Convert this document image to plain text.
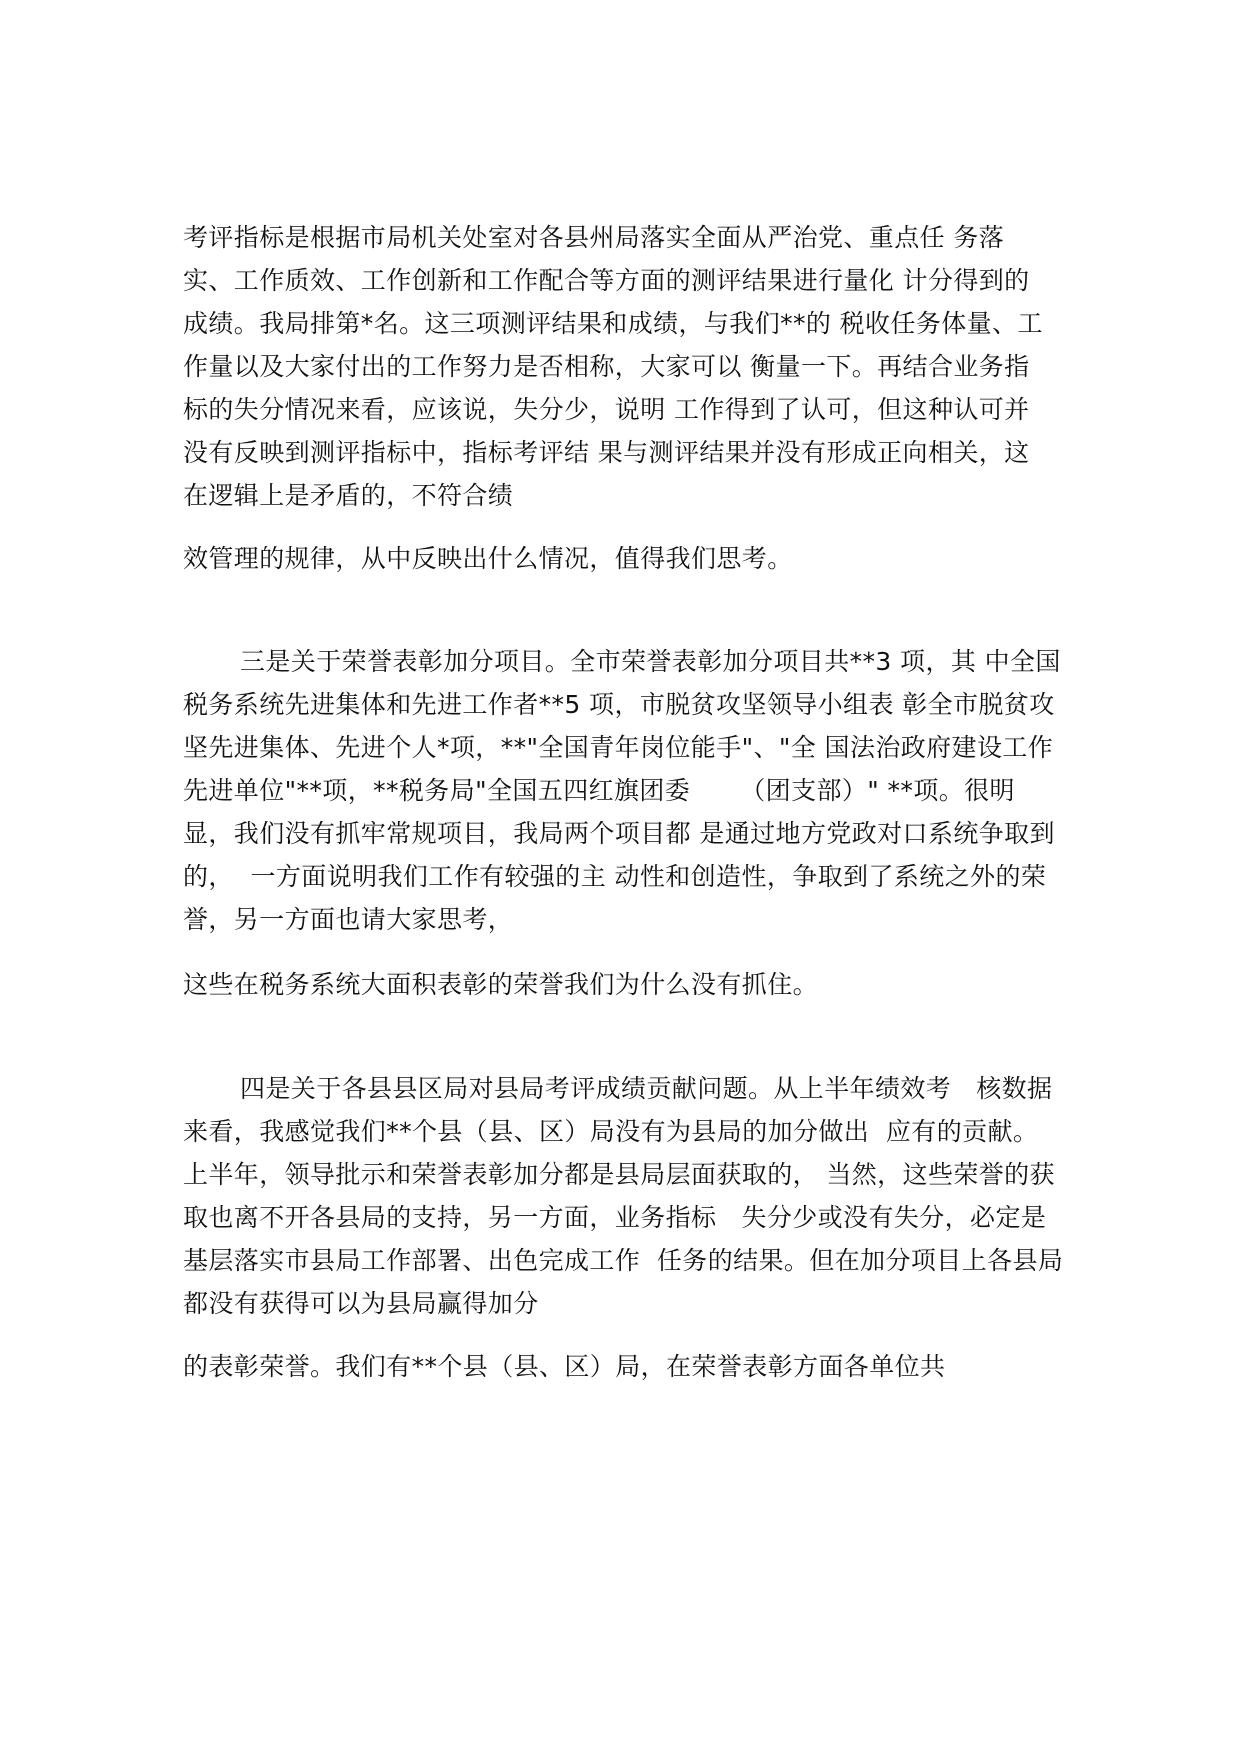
考评指标是根据市局机关处室对各县州局落实全面从严治党、重点任 务落

实、工作质效、工作创新和工作配合等方面的测评结果进行量化 计分得到的

成绩。我局排第*名。这三项测评结果和成绩，与我们**的 税收任务体量、工

作量以及大家付出的工作努力是否相称，大家可以 衡量一下。再结合业务指

标的失分情况来看，应该说，失分少，说明 工作得到了认可，但这种认可并

没有反映到测评指标中，指标考评结 果与测评结果并没有形成正向相关，这

在逻辑上是矛盾的，不符合绩

效管理的规律，从中反映出什么情况，值得我们思考。

三是关于荣誉表彰加分项目。全市荣誉表彰加分项目共**3 项，其 中全国

税务系统先进集体和先进工作者**5 项，市脱贫攻坚领导小组表 彰全市脱贫攻

坚先进集体、先进个人*项，**"全国青年岗位能手"、"全 国法治政府建设工作

先进单位"**项，**税务局"全国五四红旗团委      （团支部）" **项。很明

显，我们没有抓牢常规项目，我局两个项目都 是通过地方党政对口系统争取到

的，  一方面说明我们工作有较强的主 动性和创造性，争取到了系统之外的荣

誉，另一方面也请大家思考，

这些在税务系统大面积表彰的荣誉我们为什么没有抓住。

四是关于各县县区局对县局考评成绩贡献问题。从上半年绩效考   核数据

来看，我感觉我们**个县（县、区）局没有为县局的加分做出  应有的贡献。

上半年，领导批示和荣誉表彰加分都是县局层面获取的， 当然，这些荣誉的获

取也离不开各县局的支持，另一方面，业务指标   失分少或没有失分，必定是

基层落实市县局工作部署、出色完成工作  任务的结果。但在加分项目上各县局

都没有获得可以为县局赢得加分

的表彰荣誉。我们有**个县（县、区）局，在荣誉表彰方面各单位共
